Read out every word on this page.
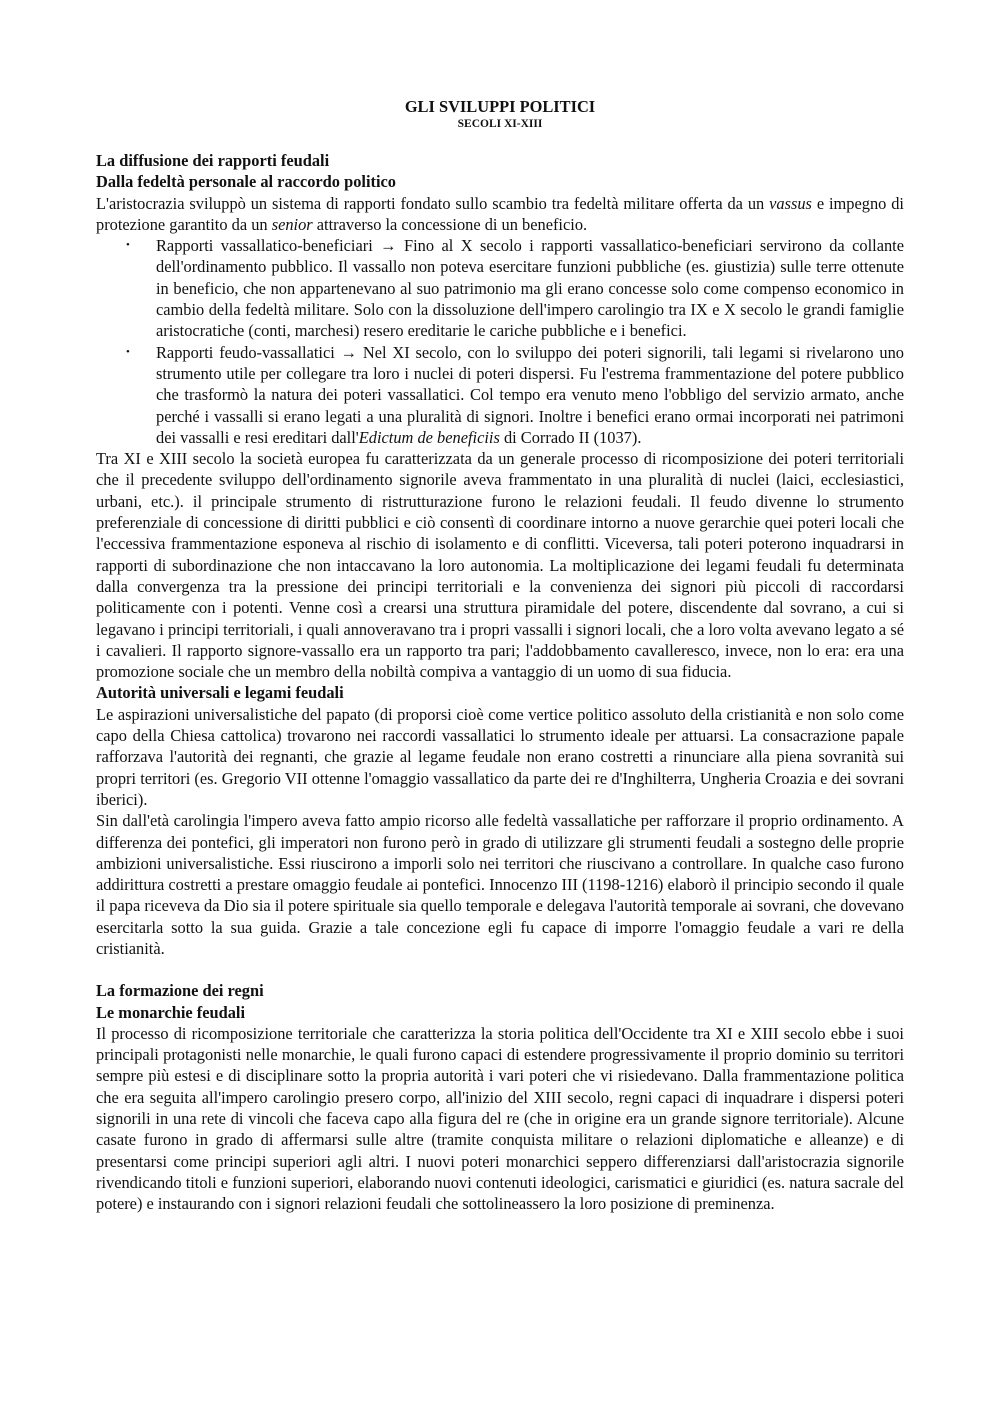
GLI SVILUPPI POLITICI
SECOLI XI-XIII
La diffusione dei rapporti feudali
Dalla fedeltà personale al raccordo politico

L'aristocrazia sviluppò un sistema di rapporti fondato sullo scambio tra fedeltà militare offerta da un vassus e impegno di protezione garantito da un senior attraverso la concessione di un beneficio.

• Rapporti vassallatico-beneficiari → Fino al X secolo i rapporti vassallatico-beneficiari servirono da collante dell'ordinamento pubblico. Il vassallo non poteva esercitare funzioni pubbliche (es. giustizia) sulle terre ottenute in beneficio, che non appartenevano al suo patrimonio ma gli erano concesse solo come compenso economico in cambio della fedeltà militare. Solo con la dissoluzione dell'impero carolingio tra IX e X secolo le grandi famiglie aristocratiche (conti, marchesi) resero ereditarie le cariche pubbliche e i benefici.
• Rapporti feudo-vassallatici → Nel XI secolo, con lo sviluppo dei poteri signorili, tali legami si rivelarono uno strumento utile per collegare tra loro i nuclei di poteri dispersi. Fu l'estrema frammentazione del potere pubblico che trasformò la natura dei poteri vassallatici. Col tempo era venuto meno l'obbligo del servizio armato, anche perché i vassalli si erano legati a una pluralità di signori. Inoltre i benefici erano ormai incorporati nei patrimoni dei vassalli e resi ereditari dall'Edictum de beneficiis di Corrado II (1037).

Tra XI e XIII secolo la società europea fu caratterizzata da un generale processo di ricomposizione dei poteri territoriali che il precedente sviluppo dell'ordinamento signorile aveva frammentato in una pluralità di nuclei (laici, ecclesiastici, urbani, etc.). il principale strumento di ristrutturazione furono le relazioni feudali. Il feudo divenne lo strumento preferenziale di concessione di diritti pubblici e ciò consentì di coordinare intorno a nuove gerarchie quei poteri locali che l'eccessiva frammentazione esponeva al rischio di isolamento e di conflitti. Viceversa, tali poteri poterono inquadrarsi in rapporti di subordinazione che non intaccavano la loro autonomia. La moltiplicazione dei legami feudali fu determinata dalla convergenza tra la pressione dei principi territoriali e la convenienza dei signori più piccoli di raccordarsi politicamente con i potenti. Venne così a crearsi una struttura piramidale del potere, discendente dal sovrano, a cui si legavano i principi territoriali, i quali annoveravano tra i propri vassalli i signori locali, che a loro volta avevano legato a sé i cavalieri. Il rapporto signore-vassallo era un rapporto tra pari; l'addobbamento cavalleresco, invece, non lo era: era una promozione sociale che un membro della nobiltà compiva a vantaggio di un uomo di sua fiducia.

Autorità universali e legami feudali

Le aspirazioni universalistiche del papato (di proporsi cioè come vertice politico assoluto della cristianità e non solo come capo della Chiesa cattolica) trovarono nei raccordi vassallatici lo strumento ideale per attuarsi. La consacrazione papale rafforzava l'autorità dei regnanti, che grazie al legame feudale non erano costretti a rinunciare alla piena sovranità sui propri territori (es. Gregorio VII ottenne l'omaggio vassallatico da parte dei re d'Inghilterra, Ungheria Croazia e dei sovrani iberici).

Sin dall'età carolingia l'impero aveva fatto ampio ricorso alle fedeltà vassallatiche per rafforzare il proprio ordinamento. A differenza dei pontefici, gli imperatori non furono però in grado di utilizzare gli strumenti feudali a sostegno delle proprie ambizioni universalistiche. Essi riuscirono a imporli solo nei territori che riuscivano a controllare. In qualche caso furono addirittura costretti a prestare omaggio feudale ai pontefici. Innocenzo III (1198-1216) elaborò il principio secondo il quale il papa riceveva da Dio sia il potere spirituale sia quello temporale e delegava l'autorità temporale ai sovrani, che dovevano esercitarla sotto la sua guida. Grazie a tale concezione egli fu capace di imporre l'omaggio feudale a vari re della cristianità.

La formazione dei regni
Le monarchie feudali

Il processo di ricomposizione territoriale che caratterizza la storia politica dell'Occidente tra XI e XIII secolo ebbe i suoi principali protagonisti nelle monarchie, le quali furono capaci di estendere progressivamente il proprio dominio su territori sempre più estesi e di disciplinare sotto la propria autorità i vari poteri che vi risiedevano. Dalla frammentazione politica che era seguita all'impero carolingio presero corpo, all'inizio del XIII secolo, regni capaci di inquadrare i dispersi poteri signorili in una rete di vincoli che faceva capo alla figura del re (che in origine era un grande signore territoriale). Alcune casate furono in grado di affermarsi sulle altre (tramite conquista militare o relazioni diplomatiche e alleanze) e di presentarsi come principi superiori agli altri. I nuovi poteri monarchici seppero differenziarsi dall'aristocrazia signorile rivendicando titoli e funzioni superiori, elaborando nuovi contenuti ideologici, carismatici e giuridici (es. natura sacrale del potere) e instaurando con i signori relazioni feudali che sottolineassero la loro posizione di preminenza.
